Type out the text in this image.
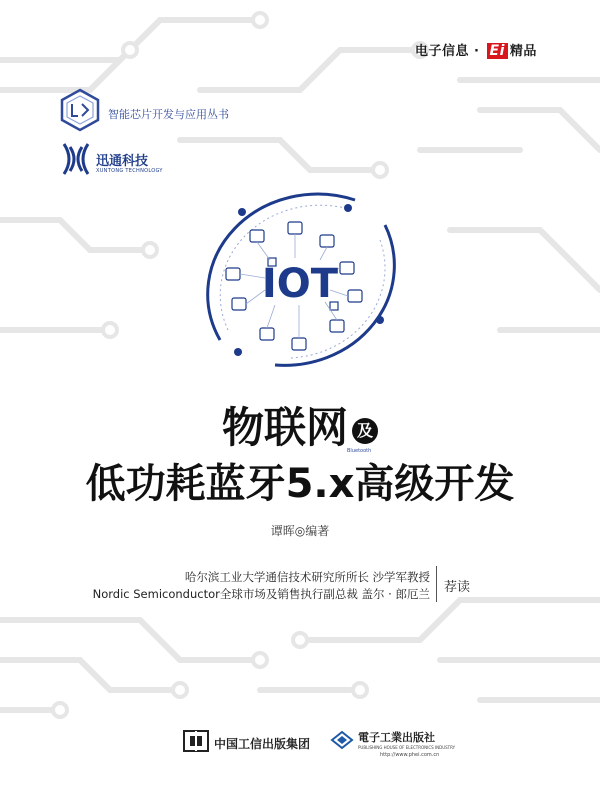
电子信息 · Ei 精品
智能芯片开发与应用丛书
迅通科技
XUNTONG TECHNOLOGY
IOT
物联网 及
Bluetooth
低功耗蓝牙5.x高级开发
谭晖◎编著
哈尔滨工业大学通信技术研究所所长 沙学军教授
Nordic Semiconductor全球市场及销售执行副总裁 盖尔 · 郎厄兰 荐读
中国工信出版集团	電子工業出版社
PUBLISHING HOUSE OF ELECTRONICS INDUSTRY
http://www.phei.com.cn
